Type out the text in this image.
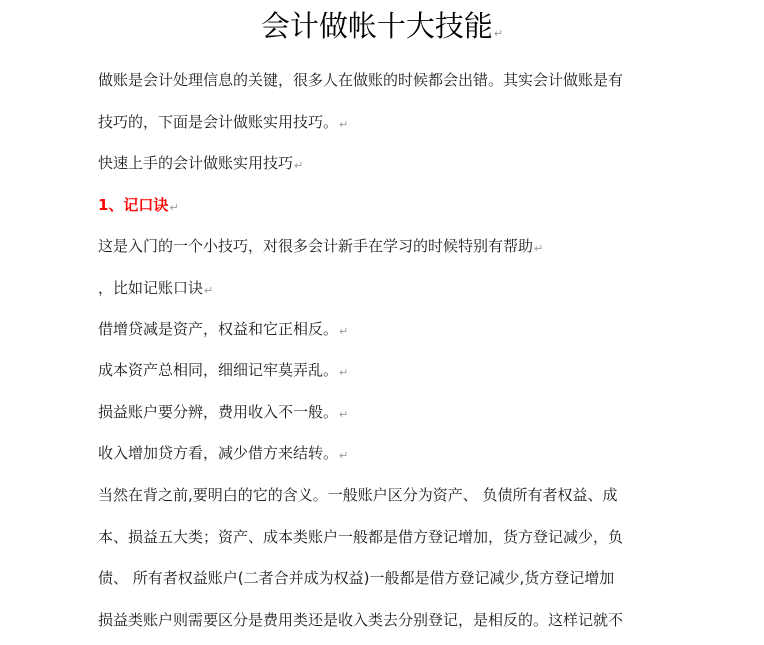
会计做帐十大技能↵
做账是会计处理信息的关键，很多人在做账的时候都会出错。其实会计做账是有
技巧的，下面是会计做账实用技巧。↵
快速上手的会计做账实用技巧↵
1、记口诀↵
这是入门的一个小技巧，对很多会计新手在学习的时候特别有帮助↵
，比如记账口诀↵
借增贷减是资产，权益和它正相反。↵
成本资产总相同，细细记牢莫弄乱。↵
损益账户要分辨，费用收入不一般。↵
收入增加贷方看，减少借方来结转。↵
当然在背之前,要明白的它的含义。一般账户区分为资产、 负债所有者权益、成
本、损益五大类；资产、成本类账户一般都是借方登记增加，货方登记减少，负
债、 所有者权益账户(二者合并成为权益)一般都是借方登记减少,货方登记增加
损益类账户则需要区分是费用类还是收入类去分别登记，是相反的。这样记就不
